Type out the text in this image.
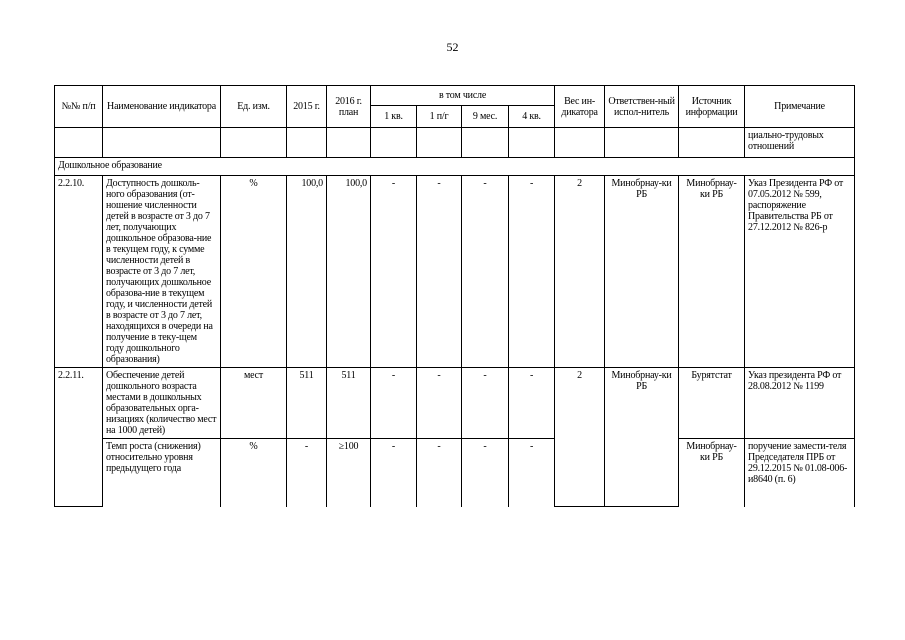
52
№№ п/п	Наименование индикатора	Ед. изм.	2015 г.	2016 г. план	в том числе				Вес ин-дикатора	Ответствен-ный испол-нитель	Источник информации	Примечание
					1 кв.	1 п/г	9 мес.	4 кв.				
												циально-трудовых отношений
Дошкольное образование												
2.2.10.	Доступность дошколь-ного образования (от-ношение численности детей в возрасте от 3 до 7 лет, получающих дошкольное образова-ние в текущем году, к сумме численности детей в возрасте от 3 до 7 лет, получающих дошкольное образова-ние в текущем году, и численности детей в возрасте от 3 до 7 лет, находящихся в очереди на получение в теку-щем году дошкольного образования)	%	100,0	100,0	-	-	-	-	2	Минобрнау-ки РБ	Минобрнау-ки РБ	Указ Президента РФ от 07.05.2012 № 599, распоряжение Правительства РБ от 27.12.2012 № 826-р
2.2.11.	Обеспечение детей дошкольного возраста местами в дошкольных образовательных орга-низациях (количество мест на 1000 детей)	мест	511	511	-	-	-	-	2	Минобрнау-ки РБ	Бурятстат	Указ президента РФ от 28.08.2012 № 1199
	Темп роста (снижения) относительно уровня предыдущего года	%	-	≥100	-	-	-	-			Минобрнау-ки РБ	поручение замести-теля Председателя ПРБ от 29.12.2015 № 01.08-006-и8640 (п. 6)
